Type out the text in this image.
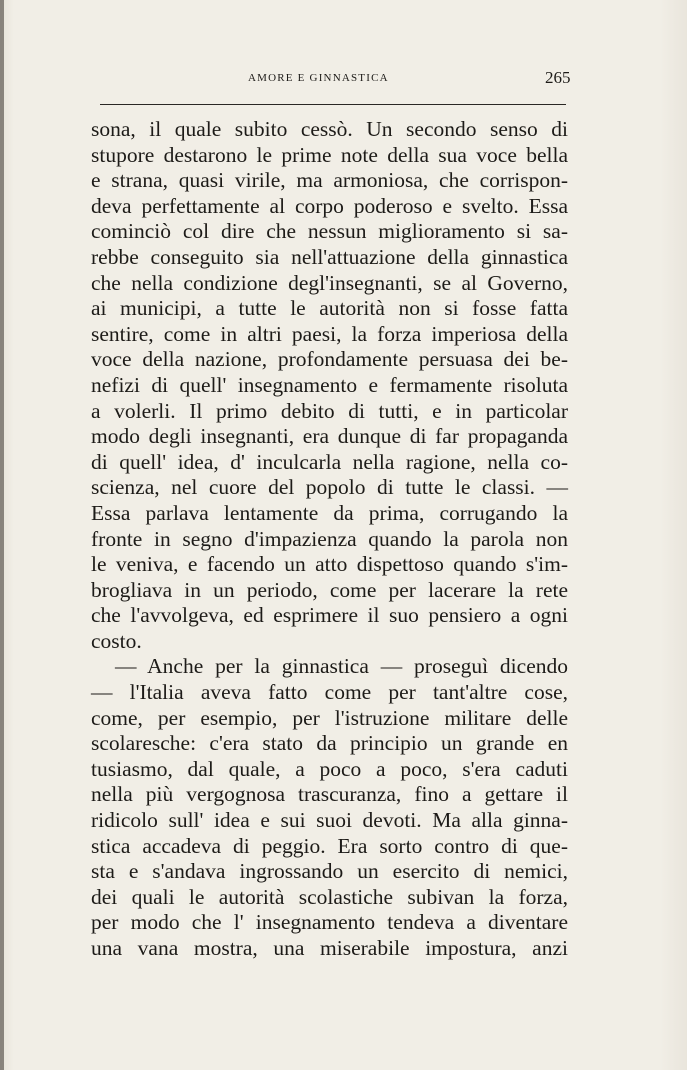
AMORE E GINNASTICA	265
sona, il quale subito cessò. Un secondo senso di
stupore destarono le prime note della sua voce bella
e strana, quasi virile, ma armoniosa, che corrispon-
deva perfettamente al corpo poderoso e svelto. Essa
cominciò col dire che nessun miglioramento si sa-
rebbe conseguito sia nell'attuazione della ginnastica
che nella condizione degl'insegnanti, se al Governo,
ai municipi, a tutte le autorità non si fosse fatta
sentire, come in altri paesi, la forza imperiosa della
voce della nazione, profondamente persuasa dei be-
nefizi di quell' insegnamento e fermamente risoluta
a volerli. Il primo debito di tutti, e in particolar
modo degli insegnanti, era dunque di far propaganda
di quell' idea, d' inculcarla nella ragione, nella co-
scienza, nel cuore del popolo di tutte le classi. —
Essa parlava lentamente da prima, corrugando la
fronte in segno d'impazienza quando la parola non
le veniva, e facendo un atto dispettoso quando s'im-
brogliava in un periodo, come per lacerare la rete
che l'avvolgeva, ed esprimere il suo pensiero a ogni
costo.
— Anche per la ginnastica — proseguì dicendo
— l'Italia aveva fatto come per tant'altre cose,
come, per esempio, per l'istruzione militare delle
scolaresche: c'era stato da principio un grande en
tusiasmo, dal quale, a poco a poco, s'era caduti
nella più vergognosa trascuranza, fino a gettare il
ridicolo sull' idea e sui suoi devoti. Ma alla ginna-
stica accadeva di peggio. Era sorto contro di que-
sta e s'andava ingrossando un esercito di nemici,
dei quali le autorità scolastiche subivan la forza,
per modo che l' insegnamento tendeva a diventare
una vana mostra, una miserabile impostura, anzi
